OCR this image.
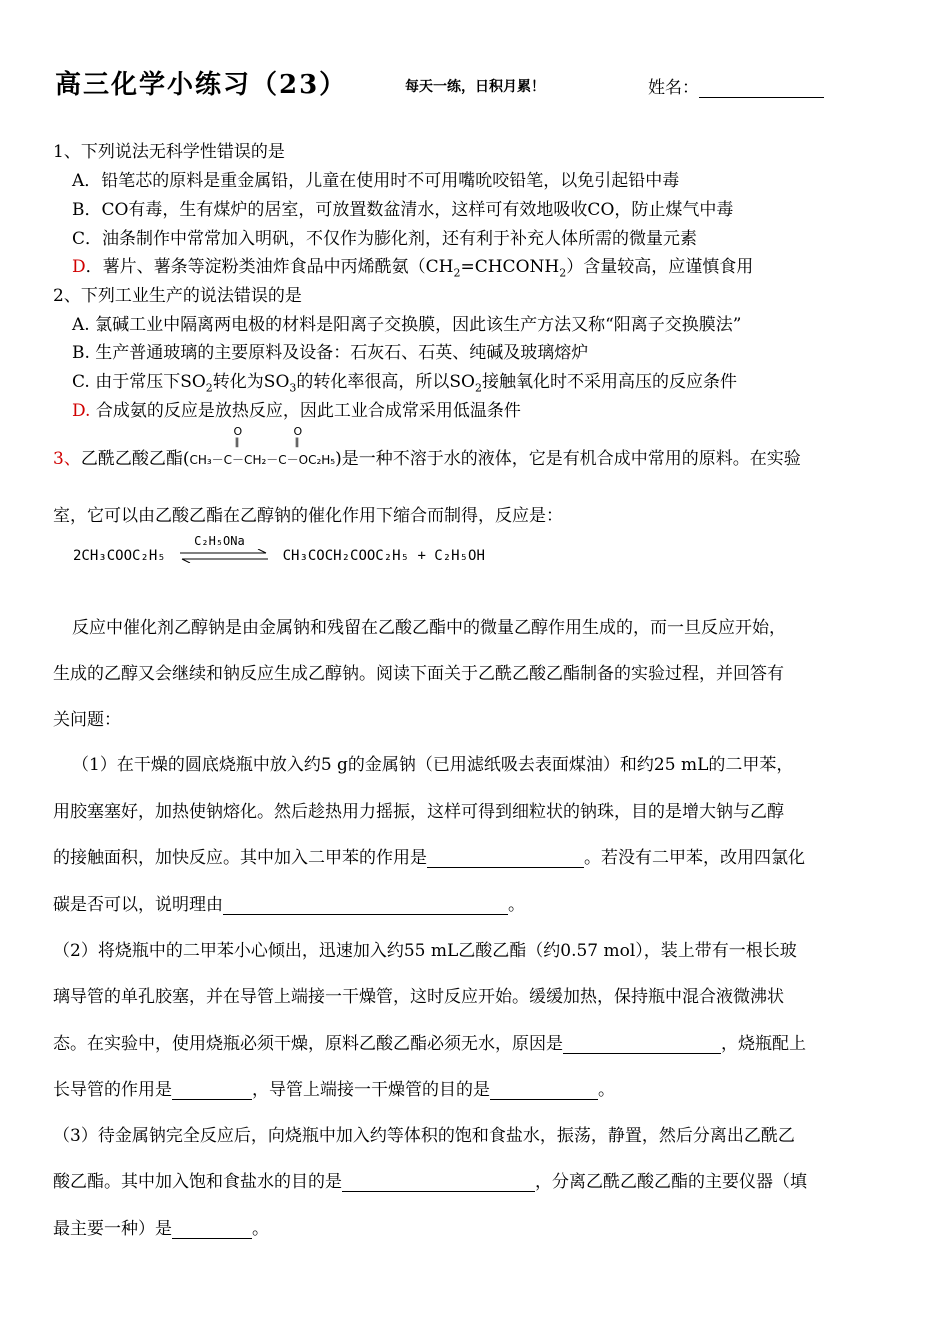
高三化学小练习（23）	每天一练，日积月累！	姓名：
1、下列说法无科学性错误的是
A．铅笔芯的原料是重金属铅，儿童在使用时不可用嘴吮咬铅笔，以免引起铅中毒
B．CO有毒，生有煤炉的居室，可放置数盆清水，这样可有效地吸收CO，防止煤气中毒
C．油条制作中常常加入明矾，不仅作为膨化剂，还有利于补充人体所需的微量元素
D．薯片、薯条等淀粉类油炸食品中丙烯酰氨$(CH_2=CHCONH_2)$含量较高，应谨慎食用
2、下列工业生产的说法错误的是
A. 氯碱工业中隔离两电极的材料是阳离子交换膜，因此该生产方法又称“阳离子交换膜法”
B. 生产普通玻璃的主要原料及设备：石灰石、石英、纯碱及玻璃熔炉
C. 由于常压下$SO_2$转化为$SO_3$的转化率很高，所以$SO_2$接触氧化时不采用高压的反应条件
D. 合成氨的反应是放热反应，因此工业合成常采用低温条件
3、乙酰乙酸乙酯(
O
‖
O
‖
CH₃－C－CH₂－C－OC₂H₅)是一种不溶于水的液体，它是有机合成中常用的原料。在实验
室，它可以由乙酸乙酯在乙醇钠的催化作用下缩合而制得，反应是：
2CH₃COOC₂H₅
C₂H₅ONa
CH₃COCH₂COOC₂H₅ + C₂H₅OH
反应中催化剂乙醇钠是由金属钠和残留在乙酸乙酯中的微量乙醇作用生成的，而一旦反应开始，
生成的乙醇又会继续和钠反应生成乙醇钠。阅读下面关于乙酰乙酸乙酯制备的实验过程，并回答有
关问题：
（1）在干燥的圆底烧瓶中放入约5 g的金属钠（已用滤纸吸去表面煤油）和约25 mL的二甲苯，
用胶塞塞好，加热使钠熔化。然后趁热用力摇振，这样可得到细粒状的钠珠，目的是增大钠与乙醇
的接触面积，加快反应。其中加入二甲苯的作用是	。若没有二甲苯，改用四氯化
碳是否可以，说明理由	。
（2）将烧瓶中的二甲苯小心倾出，迅速加入约55 mL乙酸乙酯（约0.57 mol），装上带有一根长玻
璃导管的单孔胶塞，并在导管上端接一干燥管，这时反应开始。缓缓加热，保持瓶中混合液微沸状
态。在实验中，使用烧瓶必须干燥，原料乙酸乙酯必须无水，原因是	，烧瓶配上
长导管的作用是	，导管上端接一干燥管的目的是	。
（3）待金属钠完全反应后，向烧瓶中加入约等体积的饱和食盐水，振荡，静置，然后分离出乙酰乙
酸乙酯。其中加入饱和食盐水的目的是	，分离乙酰乙酸乙酯的主要仪器（填
最主要一种）是	。
